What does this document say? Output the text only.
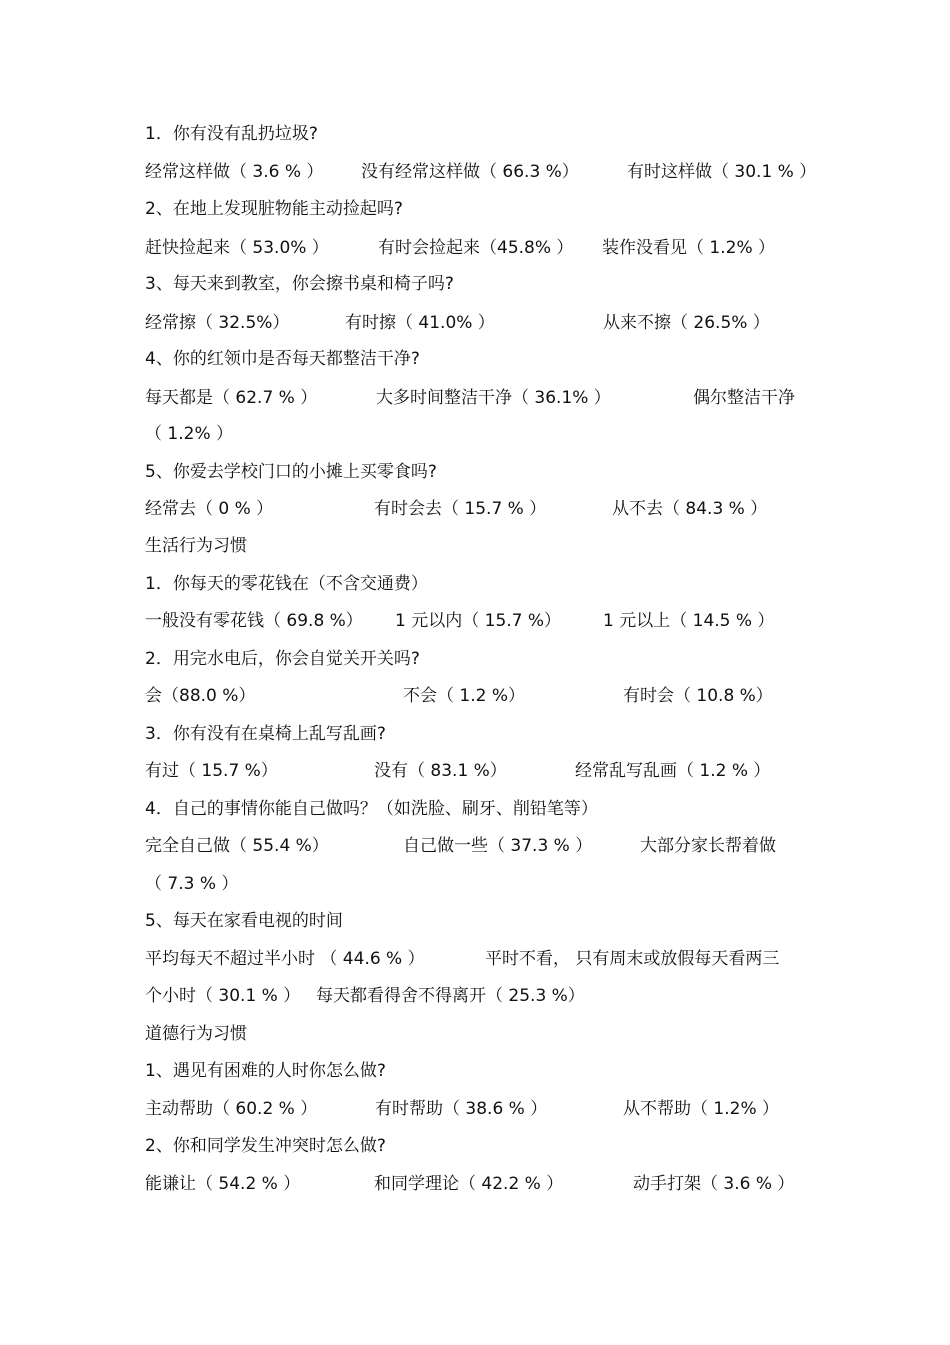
1．你有没有乱扔垃圾?
经常这样做（ 3.6 % ） 没有经常这样做（ 66.3 %）	有时这样做（ 30.1 % ）
2、在地上发现脏物能主动捡起吗?
赶快捡起来（ 53.0% ）	有时会捡起来（45.8% ） 装作没看见（ 1.2% ）
3、每天来到教室，你会擦书桌和椅子吗?
经常擦（ 32.5%）	有时擦（ 41.0% ）	从来不擦（ 26.5% ）
4、你的红领巾是否每天都整洁干净?
每天都是（ 62.7 % ）	大多时间整洁干净（ 36.1% ）	偶尔整洁干净
（ 1.2% ）
5、你爱去学校门口的小摊上买零食吗?
经常去（ 0 % ）	有时会去（ 15.7 % ）	从不去（ 84.3 % ）
生活行为习惯
1．你每天的零花钱在（不含交通费）
一般没有零花钱（ 69.8 %） 1 元以内（ 15.7 %） 1 元以上（ 14.5 % ）
2．用完水电后，你会自觉关开关吗?
会（88.0 %）	不会（ 1.2 %）	有时会（ 10.8 %）
3．你有没有在桌椅上乱写乱画?
有过（ 15.7 %）	没有（ 83.1 %）	经常乱写乱画（ 1.2 % ）
4．自己的事情你能自己做吗？（如洗脸、刷牙、削铅笔等）
完全自己做（ 55.4 %）	自己做一些（ 37.3 % ）	大部分家长帮着做
（ 7.3 % ）
5、每天在家看电视的时间
平均每天不超过半小时 （ 44.6 % ）	平时不看， 只有周末或放假每天看两三
个小时（ 30.1 % ） 每天都看得舍不得离开（ 25.3 %）
道德行为习惯
1、遇见有困难的人时你怎么做?
主动帮助（ 60.2 % ）	有时帮助（ 38.6 % ）	从不帮助（ 1.2% ）
2、你和同学发生冲突时怎么做?
能谦让（ 54.2 % ）	和同学理论（ 42.2 % ）	动手打架（ 3.6 % ）
